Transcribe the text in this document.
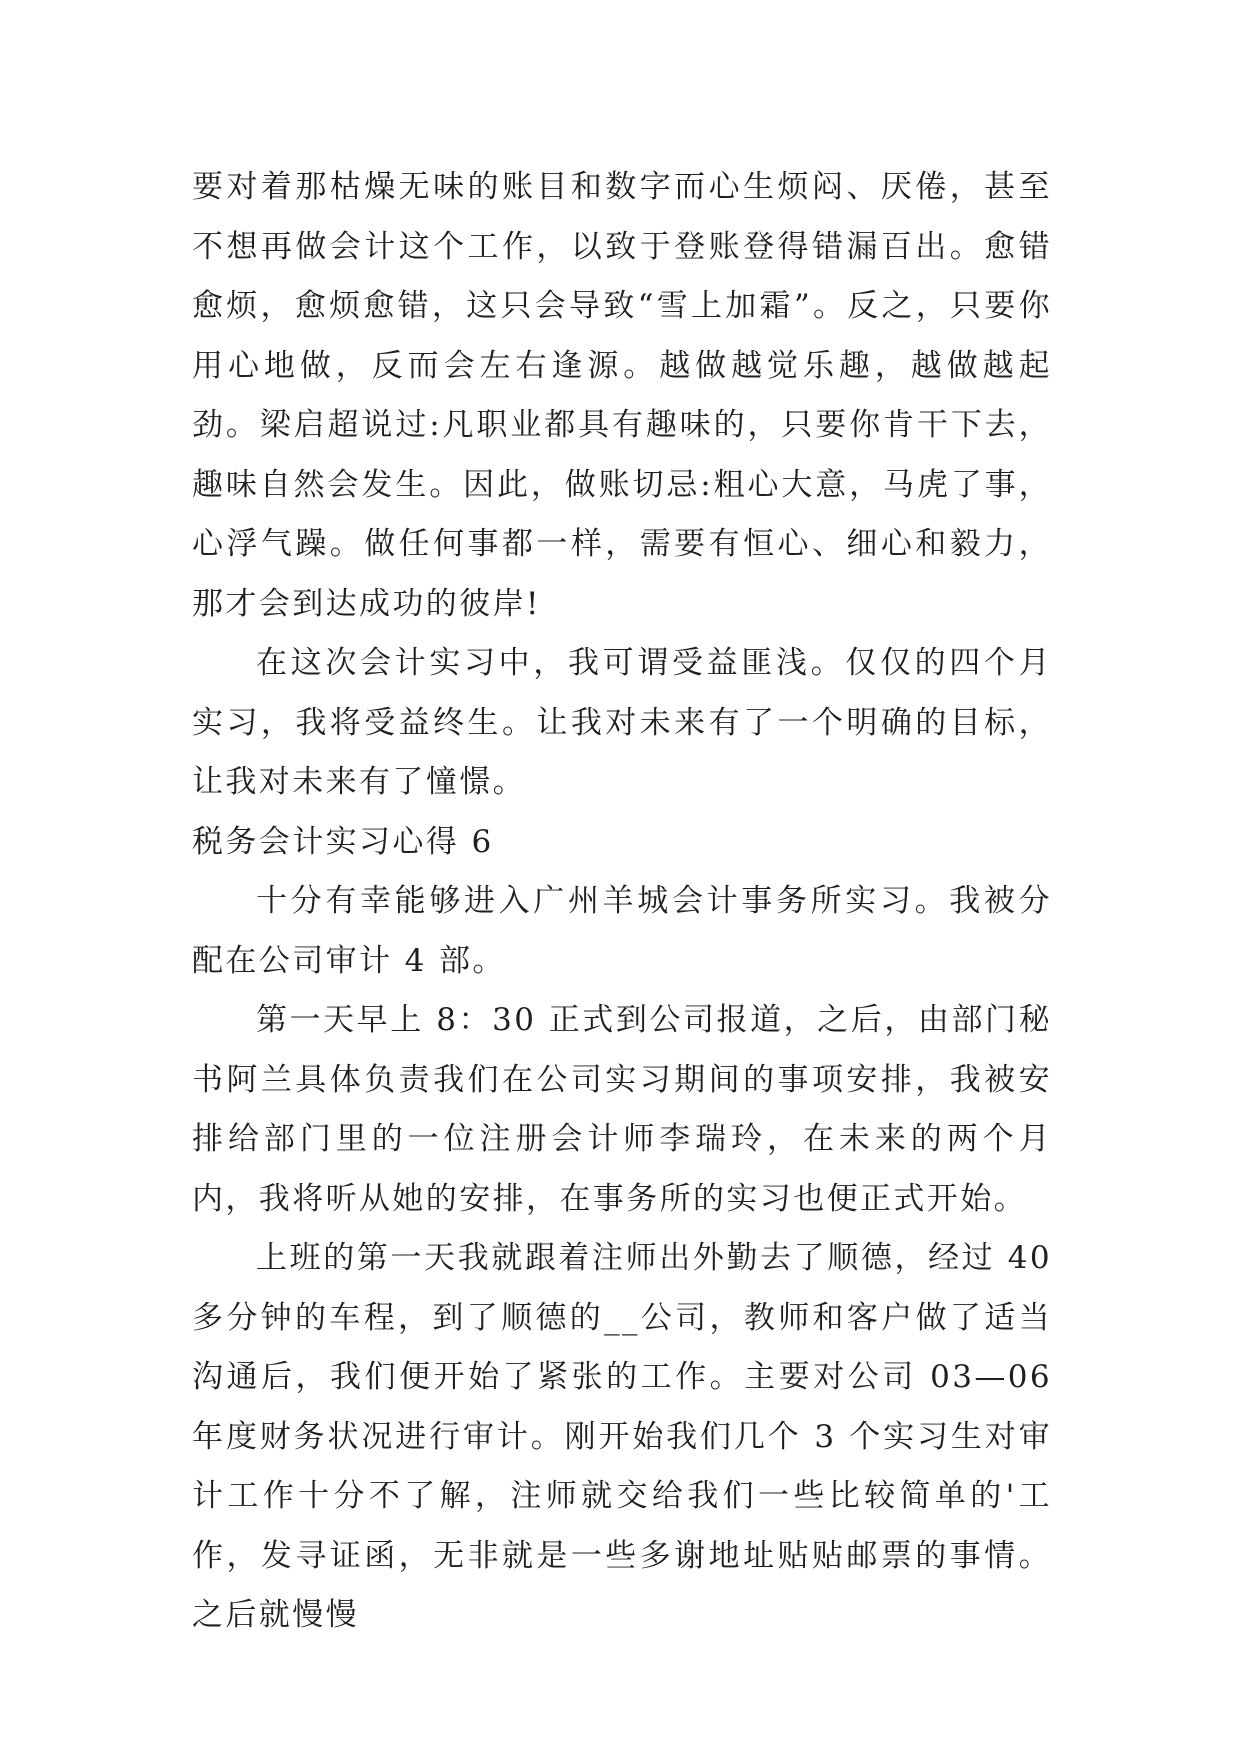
要对着那枯燥无味的账目和数字而心生烦闷、厌倦，甚至不想再做会计这个工作，以致于登账登得错漏百出。愈错愈烦，愈烦愈错，这只会导致“雪上加霜”。反之，只要你用心地做，反而会左右逢源。越做越觉乐趣，越做越起劲。梁启超说过:凡职业都具有趣味的，只要你肯干下去，趣味自然会发生。因此，做账切忌:粗心大意，马虎了事，心浮气躁。做任何事都一样，需要有恒心、细心和毅力，那才会到达成功的彼岸!

在这次会计实习中，我可谓受益匪浅。仅仅的四个月实习，我将受益终生。让我对未来有了一个明确的目标，让我对未来有了憧憬。

税务会计实习心得 6

十分有幸能够进入广州羊城会计事务所实习。我被分配在公司审计 4 部。

第一天早上 8：30 正式到公司报道，之后，由部门秘书阿兰具体负责我们在公司实习期间的事项安排，我被安排给部门里的一位注册会计师李瑞玲，在未来的两个月内，我将听从她的安排，在事务所的实习也便正式开始。

上班的第一天我就跟着注师出外勤去了顺德，经过 40 多分钟的车程，到了顺德的__公司，教师和客户做了适当沟通后，我们便开始了紧张的工作。主要对公司 03—06 年度财务状况进行审计。刚开始我们几个 3 个实习生对审计工作十分不了解，注师就交给我们一些比较简单的'工作，发寻证函，无非就是一些多谢地址贴贴邮票的事情。之后就慢慢
